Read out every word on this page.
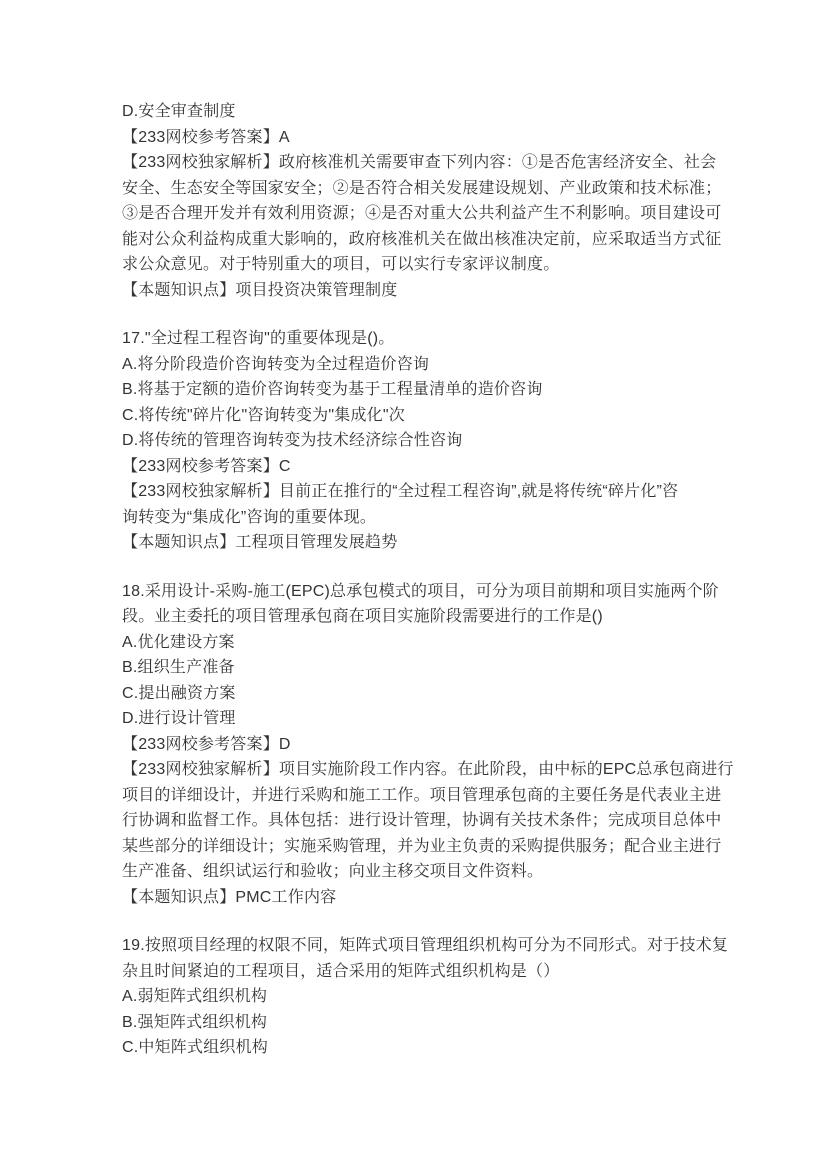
D.安全审查制度
【233网校参考答案】A
【233网校独家解析】政府核准机关需要审查下列内容：①是否危害经济安全、社会
安全、生态安全等国家安全；②是否符合相关发展建设规划、产业政策和技术标准；
③是否合理开发并有效利用资源；④是否对重大公共利益产生不利影响。项目建设可
能对公众利益构成重大影响的，政府核准机关在做出核准决定前，应采取适当方式征
求公众意见。对于特别重大的项目，可以实行专家评议制度。
【本题知识点】项目投资决策管理制度
17."全过程工程咨询"的重要体现是()。
A.将分阶段造价咨询转变为全过程造价咨询
B.将基于定额的造价咨询转变为基于工程量清单的造价咨询
C.将传统"碎片化"咨询转变为"集成化"次
D.将传统的管理咨询转变为技术经济综合性咨询
【233网校参考答案】C
【233网校独家解析】目前正在推行的“全过程工程咨询”,就是将传统“碎片化”咨
询转变为“集成化”咨询的重要体现。
【本题知识点】工程项目管理发展趋势
18.采用设计-采购-施工(EPC)总承包模式的项目，可分为项目前期和项目实施两个阶
段。业主委托的项目管理承包商在项目实施阶段需要进行的工作是()
A.优化建设方案
B.组织生产准备
C.提出融资方案
D.进行设计管理
【233网校参考答案】D
【233网校独家解析】项目实施阶段工作内容。在此阶段，由中标的EPC总承包商进行
项目的详细设计，并进行采购和施工工作。项目管理承包商的主要任务是代表业主进
行协调和监督工作。具体包括：进行设计管理，协调有关技术条件；完成项目总体中
某些部分的详细设计；实施采购管理，并为业主负责的采购提供服务；配合业主进行
生产准备、组织试运行和验收；向业主移交项目文件资料。
【本题知识点】PMC工作内容
19.按照项目经理的权限不同，矩阵式项目管理组织机构可分为不同形式。对于技术复
杂且时间紧迫的工程项目，适合采用的矩阵式组织机构是（）
A.弱矩阵式组织机构
B.强矩阵式组织机构
C.中矩阵式组织机构
